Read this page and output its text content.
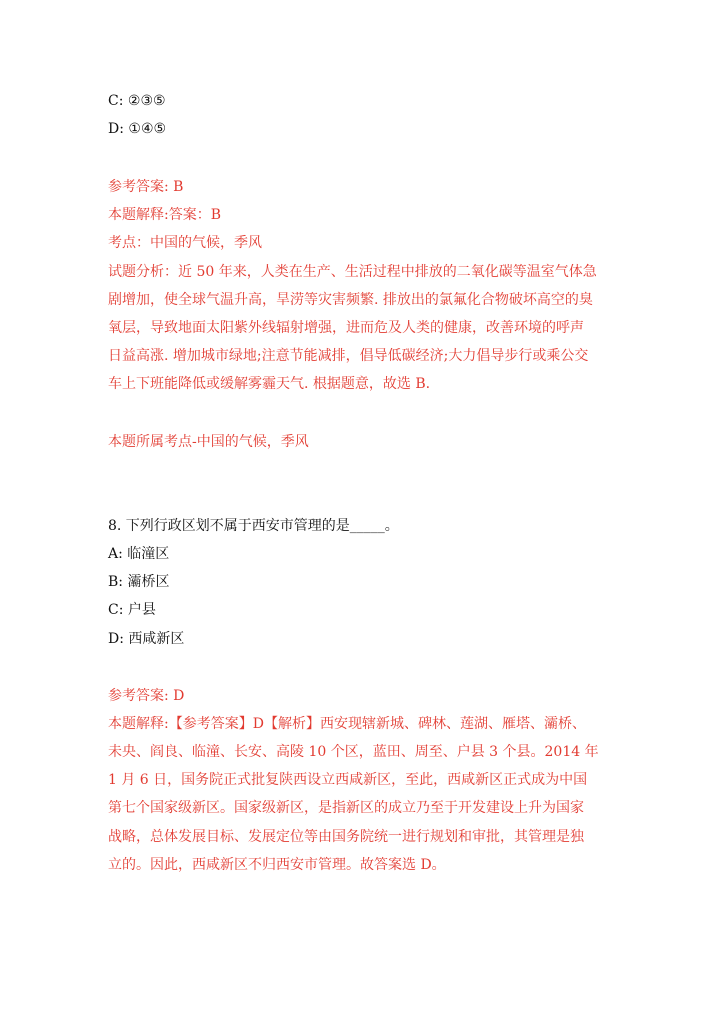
C: ②③⑤
D: ①④⑤

参考答案: B

本题解释:答案：B

考点：中国的气候，季风

试题分析：近 50 年来，人类在生产、生活过程中排放的二氧化碳等温室气体急

剧增加，使全球气温升高，旱涝等灾害频繁. 排放出的氯氟化合物破坏高空的臭

氧层，导致地面太阳紫外线辐射增强，进而危及人类的健康，改善环境的呼声

日益高涨. 增加城市绿地;注意节能减排，倡导低碳经济;大力倡导步行或乘公交

车上下班能降低或缓解雾霾天气. 根据题意，故选 B.

本题所属考点-中国的气候，季风

8. 下列行政区划不属于西安市管理的是_____。

A: 临潼区
B: 灞桥区
C: 户县
D: 西咸新区

参考答案: D

本题解释:【参考答案】D【解析】西安现辖新城、碑林、莲湖、雁塔、灞桥、

未央、阎良、临潼、长安、高陵 10 个区，蓝田、周至、户县 3 个县。2014 年

1 月 6 日，国务院正式批复陕西设立西咸新区，至此，西咸新区正式成为中国

第七个国家级新区。国家级新区，是指新区的成立乃至于开发建设上升为国家

战略，总体发展目标、发展定位等由国务院统一进行规划和审批，其管理是独

立的。因此，西咸新区不归西安市管理。故答案选 D。
